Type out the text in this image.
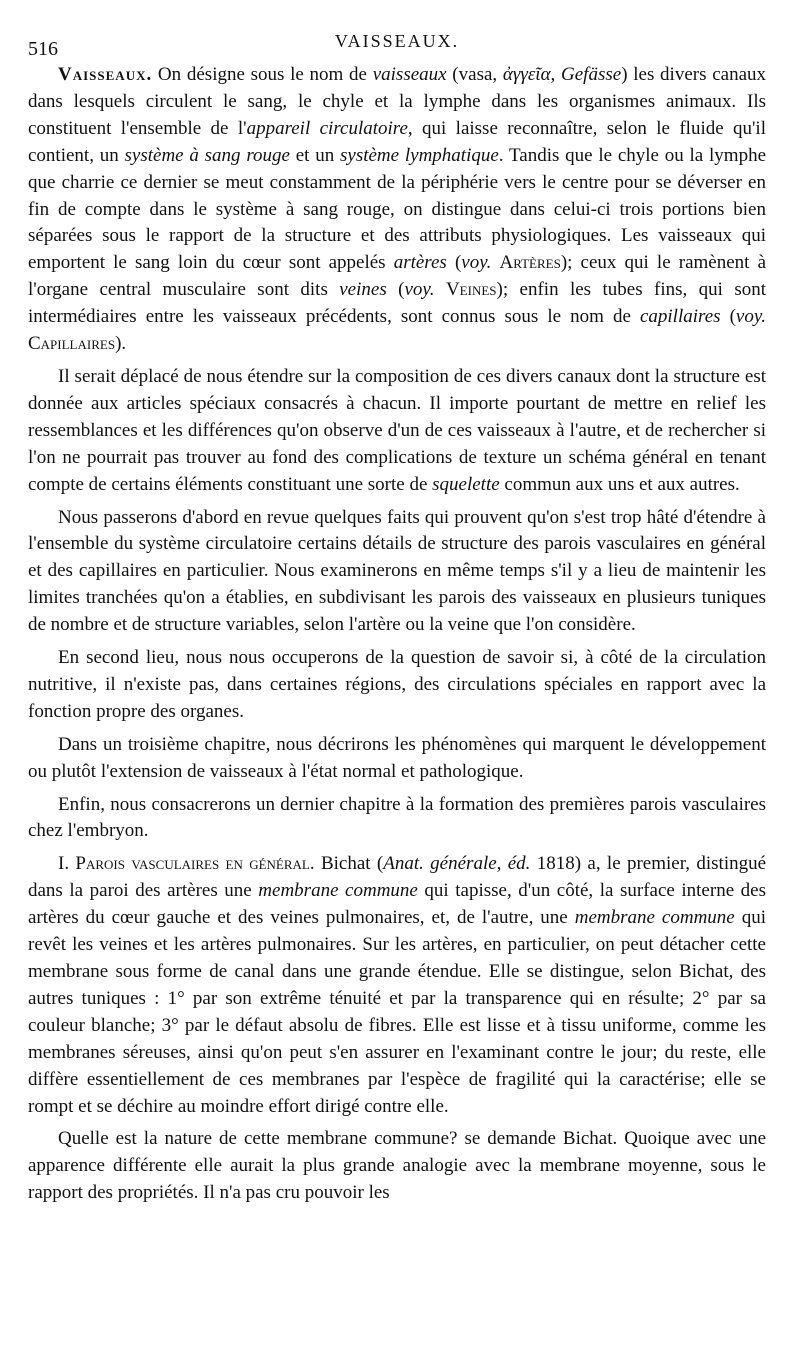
516	VAISSEAUX.

Vaisseaux. On désigne sous le nom de vaisseaux (vasa, ἀγγεῖα, Gefässe) les divers canaux dans lesquels circulent le sang, le chyle et la lymphe dans les organismes animaux. Ils constituent l'ensemble de l'appareil circulatoire, qui laisse reconnaître, selon le fluide qu'il contient, un système à sang rouge et un système lymphatique. Tandis que le chyle ou la lymphe que charrie ce dernier se meut constamment de la périphérie vers le centre pour se déverser en fin de compte dans le système à sang rouge, on distingue dans celui-ci trois portions bien séparées sous le rapport de la structure et des attributs physiologiques. Les vaisseaux qui emportent le sang loin du cœur sont appelés artères (voy. Artères); ceux qui le ramènent à l'organe central musculaire sont dits veines (voy. Veines); enfin les tubes fins, qui sont intermédiaires entre les vaisseaux précédents, sont connus sous le nom de capillaires (voy. Capillaires).

Il serait déplacé de nous étendre sur la composition de ces divers canaux dont la structure est donnée aux articles spéciaux consacrés à chacun. Il importe pourtant de mettre en relief les ressemblances et les différences qu'on observe d'un de ces vaisseaux à l'autre, et de rechercher si l'on ne pourrait pas trouver au fond des complications de texture un schéma général en tenant compte de certains éléments constituant une sorte de squelette commun aux uns et aux autres.

Nous passerons d'abord en revue quelques faits qui prouvent qu'on s'est trop hâté d'étendre à l'ensemble du système circulatoire certains détails de structure des parois vasculaires en général et des capillaires en particulier. Nous examinerons en même temps s'il y a lieu de maintenir les limites tranchées qu'on a établies, en subdivisant les parois des vaisseaux en plusieurs tuniques de nombre et de structure variables, selon l'artère ou la veine que l'on considère.

En second lieu, nous nous occuperons de la question de savoir si, à côté de la circulation nutritive, il n'existe pas, dans certaines régions, des circulations spéciales en rapport avec la fonction propre des organes.

Dans un troisième chapitre, nous décrirons les phénomènes qui marquent le développement ou plutôt l'extension de vaisseaux à l'état normal et pathologique.

Enfin, nous consacrerons un dernier chapitre à la formation des premières parois vasculaires chez l'embryon.

I. Parois vasculaires en général. Bichat (Anat. générale, éd. 1818) a, le premier, distingué dans la paroi des artères une membrane commune qui tapisse, d'un côté, la surface interne des artères du cœur gauche et des veines pulmonaires, et, de l'autre, une membrane commune qui revêt les veines et les artères pulmonaires. Sur les artères, en particulier, on peut détacher cette membrane sous forme de canal dans une grande étendue. Elle se distingue, selon Bichat, des autres tuniques : 1° par son extrême ténuité et par la transparence qui en résulte; 2° par sa couleur blanche; 3° par le défaut absolu de fibres. Elle est lisse et à tissu uniforme, comme les membranes séreuses, ainsi qu'on peut s'en assurer en l'examinant contre le jour; du reste, elle diffère essentiellement de ces membranes par l'espèce de fragilité qui la caractérise; elle se rompt et se déchire au moindre effort dirigé contre elle.

Quelle est la nature de cette membrane commune? se demande Bichat. Quoique avec une apparence différente elle aurait la plus grande analogie avec la membrane moyenne, sous le rapport des propriétés. Il n'a pas cru pouvoir les
